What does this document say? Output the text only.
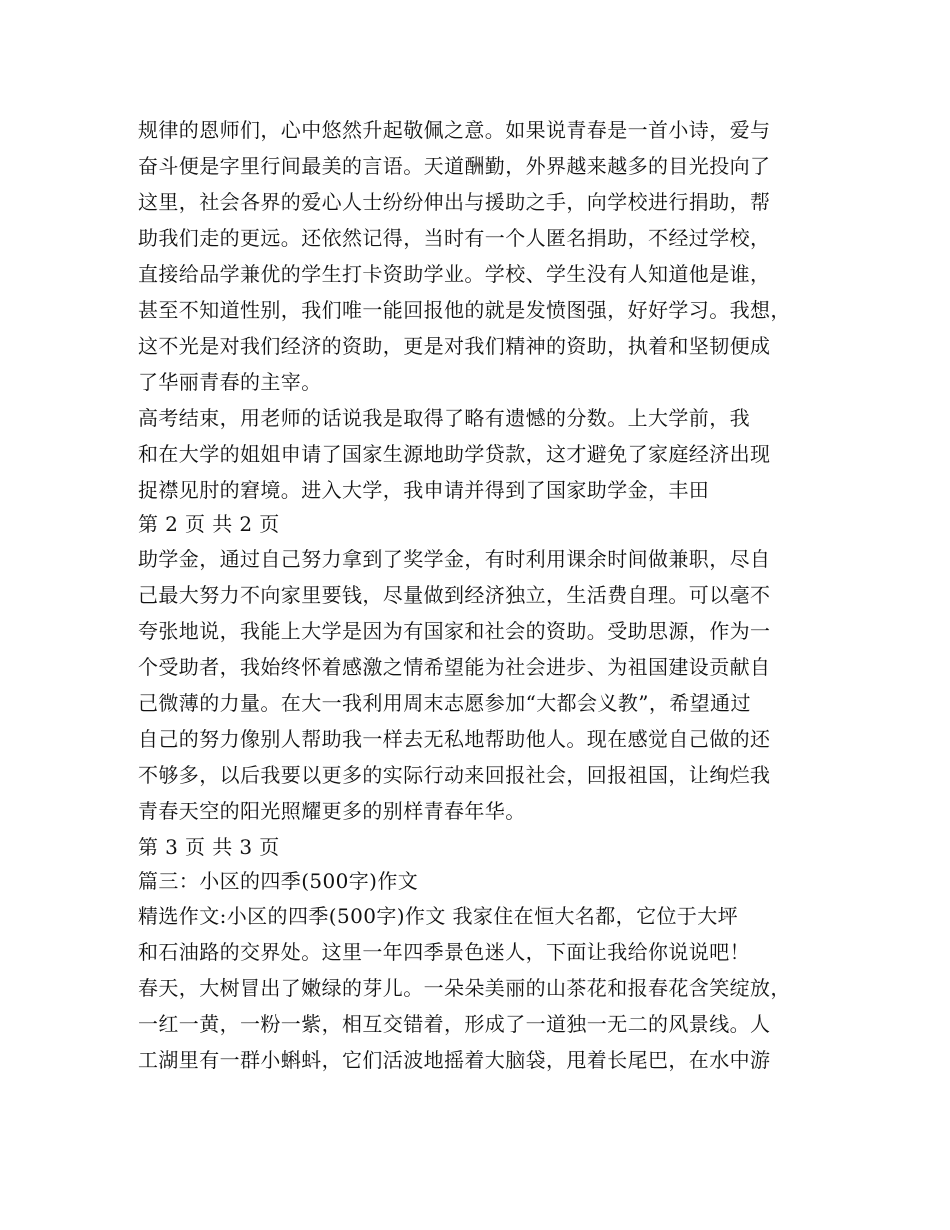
规律的恩师们，心中悠然升起敬佩之意。如果说青春是一首小诗，爱与
奋斗便是字里行间最美的言语。天道酬勤，外界越来越多的目光投向了
这里，社会各界的爱心人士纷纷伸出与援助之手，向学校进行捐助，帮
助我们走的更远。还依然记得，当时有一个人匿名捐助，不经过学校，
直接给品学兼优的学生打卡资助学业。学校、学生没有人知道他是谁，
甚至不知道性别，我们唯一能回报他的就是发愤图强，好好学习。我想，
这不光是对我们经济的资助，更是对我们精神的资助，执着和坚韧便成
了华丽青春的主宰。
高考结束，用老师的话说我是取得了略有遗憾的分数。上大学前，我
和在大学的姐姐申请了国家生源地助学贷款，这才避免了家庭经济出现
捉襟见肘的窘境。进入大学，我申请并得到了国家助学金，丰田
第 2 页 共 2 页
助学金，通过自己努力拿到了奖学金，有时利用课余时间做兼职，尽自
己最大努力不向家里要钱，尽量做到经济独立，生活费自理。可以毫不
夸张地说，我能上大学是因为有国家和社会的资助。受助思源，作为一
个受助者，我始终怀着感激之情希望能为社会进步、为祖国建设贡献自
己微薄的力量。在大一我利用周末志愿参加“大都会义教”，希望通过
自己的努力像别人帮助我一样去无私地帮助他人。现在感觉自己做的还
不够多，以后我要以更多的实际行动来回报社会，回报祖国，让绚烂我
青春天空的阳光照耀更多的别样青春年华。
第 3 页 共 3 页
篇三：小区的四季(500字)作文
精选作文:小区的四季(500字)作文 我家住在恒大名都，它位于大坪
和石油路的交界处。这里一年四季景色迷人，下面让我给你说说吧！
春天，大树冒出了嫩绿的芽儿。一朵朵美丽的山茶花和报春花含笑绽放，
一红一黄，一粉一紫，相互交错着，形成了一道独一无二的风景线。人
工湖里有一群小蝌蚪，它们活波地摇着大脑袋，甩着长尾巴，在水中游
